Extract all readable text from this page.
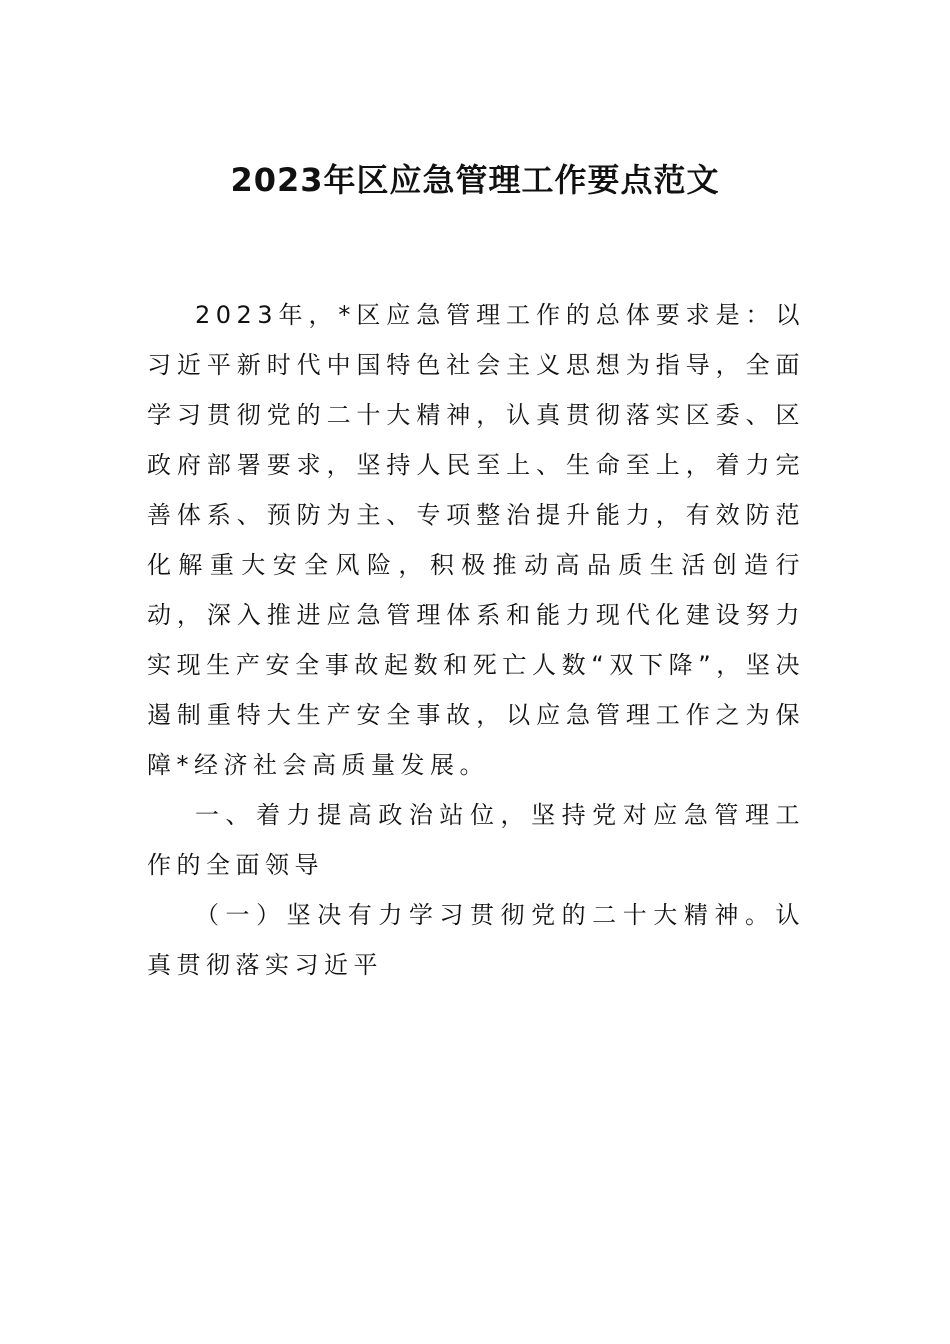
2023年区应急管理工作要点范文

2023年，*区应急管理工作的总体要求是：以习近平新时代中国特色社会主义思想为指导，全面学习贯彻党的二十大精神，认真贯彻落实区委、区政府部署要求，坚持人民至上、生命至上，着力完善体系、预防为主、专项整治提升能力，有效防范化解重大安全风险，积极推动高品质生活创造行动，深入推进应急管理体系和能力现代化建设努力实现生产安全事故起数和死亡人数“双下降”，坚决遏制重特大生产安全事故，以应急管理工作之为保障*经济社会高质量发展。

一、着力提高政治站位，坚持党对应急管理工作的全面领导

（一）坚决有力学习贯彻党的二十大精神。认真贯彻落实习近平
